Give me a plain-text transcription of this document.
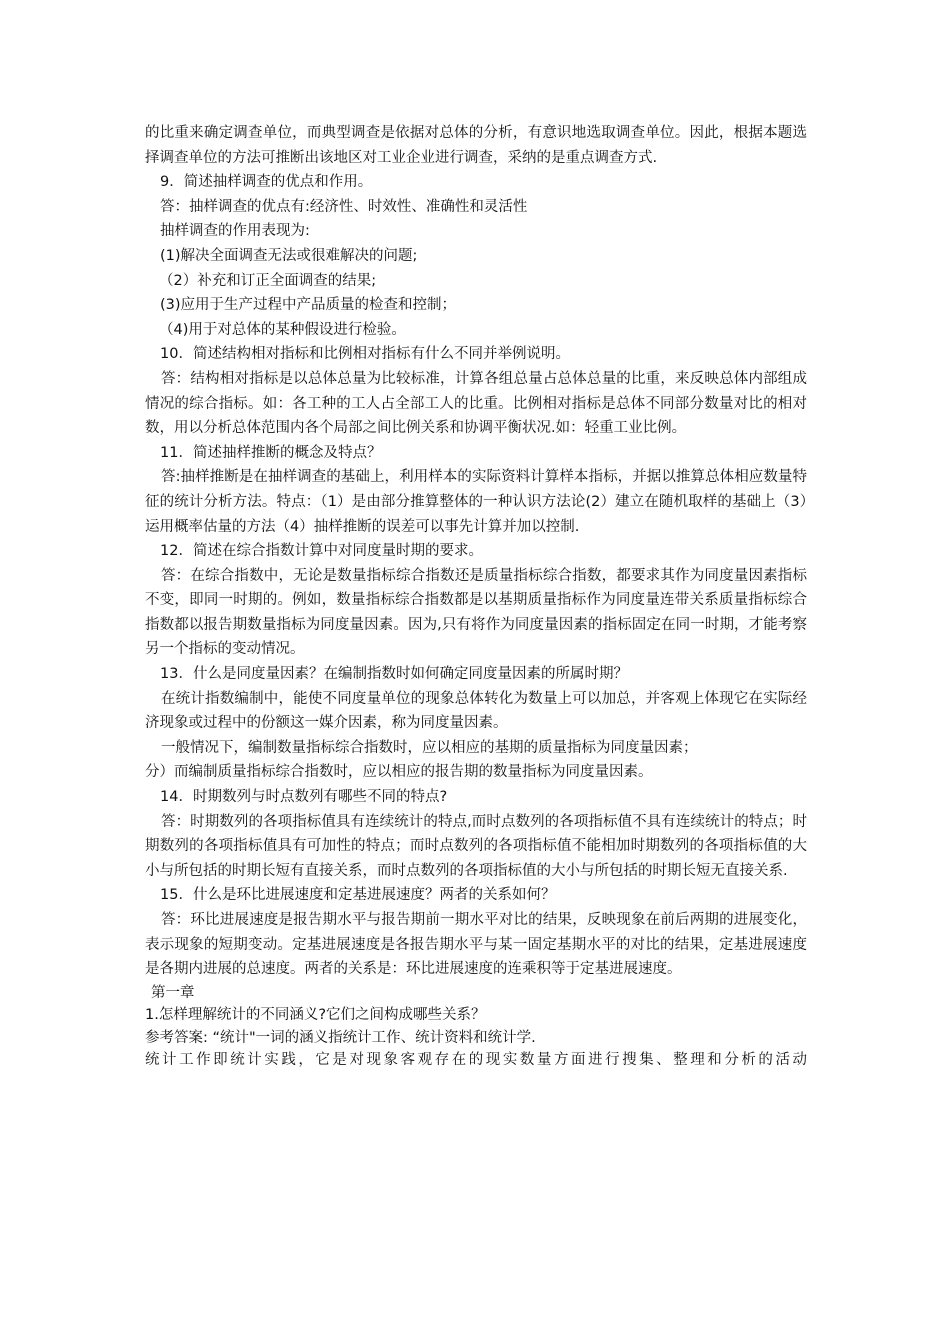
的比重来确定调查单位，而典型调查是依据对总体的分析，有意识地选取调查单位。因此，根据本题选择调查单位的方法可推断出该地区对工业企业进行调查，采纳的是重点调查方式.

9．简述抽样调查的优点和作用。

答：抽样调查的优点有:经济性、时效性、准确性和灵活性

抽样调查的作用表现为:

(1)解决全面调查无法或很难解决的问题;

（2）补充和订正全面调查的结果;

(3)应用于生产过程中产品质量的检查和控制；

（4)用于对总体的某种假设进行检验。

10．简述结构相对指标和比例相对指标有什么不同并举例说明。

答：结构相对指标是以总体总量为比较标准，计算各组总量占总体总量的比重，来反映总体内部组成情况的综合指标。如：各工种的工人占全部工人的比重。比例相对指标是总体不同部分数量对比的相对数，用以分析总体范围内各个局部之间比例关系和协调平衡状况.如：轻重工业比例。

11．简述抽样推断的概念及特点？

答:抽样推断是在抽样调查的基础上，利用样本的实际资料计算样本指标，并据以推算总体相应数量特征的统计分析方法。特点：（1）是由部分推算整体的一种认识方法论(2）建立在随机取样的基础上（3）运用概率估量的方法（4）抽样推断的误差可以事先计算并加以控制.

12．简述在综合指数计算中对同度量时期的要求。

答：在综合指数中，无论是数量指标综合指数还是质量指标综合指数，都要求其作为同度量因素指标不变，即同一时期的。例如，数量指标综合指数都是以基期质量指标作为同度量连带关系质量指标综合指数都以报告期数量指标为同度量因素。因为,只有将作为同度量因素的指标固定在同一时期，才能考察另一个指标的变动情况。

13．什么是同度量因素？在编制指数时如何确定同度量因素的所属时期？

在统计指数编制中，能使不同度量单位的现象总体转化为数量上可以加总，并客观上体现它在实际经济现象或过程中的份额这一媒介因素，称为同度量因素。

一般情况下，编制数量指标综合指数时，应以相应的基期的质量指标为同度量因素；

分）而编制质量指标综合指数时，应以相应的报告期的数量指标为同度量因素。

14．时期数列与时点数列有哪些不同的特点?

答：时期数列的各项指标值具有连续统计的特点,而时点数列的各项指标值不具有连续统计的特点；时期数列的各项指标值具有可加性的特点；而时点数列的各项指标值不能相加时期数列的各项指标值的大小与所包括的时期长短有直接关系，而时点数列的各项指标值的大小与所包括的时期长短无直接关系.

15．什么是环比进展速度和定基进展速度？两者的关系如何？

答：环比进展速度是报告期水平与报告期前一期水平对比的结果，反映现象在前后两期的进展变化，表示现象的短期变动。定基进展速度是各报告期水平与某一固定基期水平的对比的结果，定基进展速度是各期内进展的总速度。两者的关系是：环比进展速度的连乘积等于定基进展速度。

第一章

1.怎样理解统计的不同涵义?它们之间构成哪些关系？

参考答案: “统计"一词的涵义指统计工作、统计资料和统计学.

统计工作即统计实践，它是对现象客观存在的现实数量方面进行搜集、整理和分析的活动
